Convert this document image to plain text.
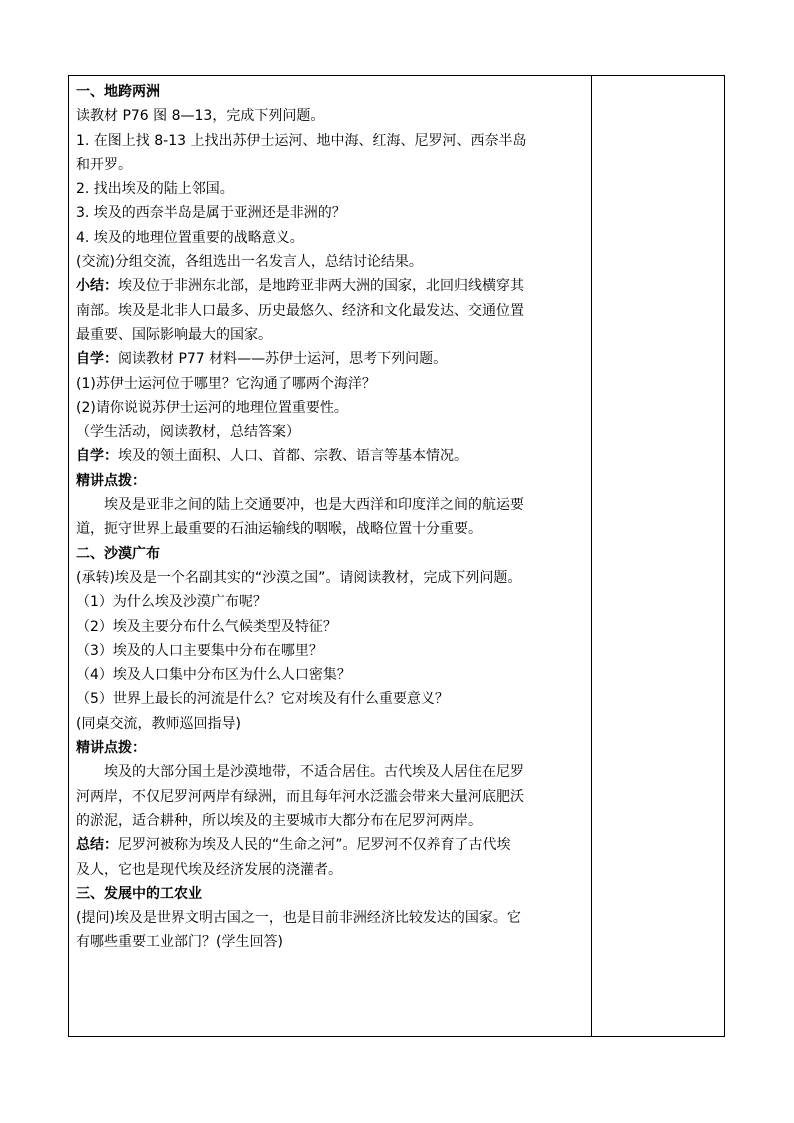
一、地跨两洲
读教材 P76 图 8—13，完成下列问题。
1. 在图上找 8-13 上找出苏伊士运河、地中海、红海、尼罗河、西奈半岛
和开罗。
2. 找出埃及的陆上邻国。
3. 埃及的西奈半岛是属于亚洲还是非洲的？
4. 埃及的地理位置重要的战略意义。
(交流)分组交流，各组选出一名发言人，总结讨论结果。
小结：埃及位于非洲东北部，是地跨亚非两大洲的国家，北回归线横穿其
南部。埃及是北非人口最多、历史最悠久、经济和文化最发达、交通位置
最重要、国际影响最大的国家。
自学：阅读教材 P77 材料——苏伊士运河，思考下列问题。
(1)苏伊士运河位于哪里？它沟通了哪两个海洋？
(2)请你说说苏伊士运河的地理位置重要性。
（学生活动，阅读教材，总结答案）
自学：埃及的领土面积、人口、首都、宗教、语言等基本情况。
精讲点拨：
埃及是亚非之间的陆上交通要冲，也是大西洋和印度洋之间的航运要
道，扼守世界上最重要的石油运输线的咽喉，战略位置十分重要。
二、沙漠广布
(承转)埃及是一个名副其实的“沙漠之国”。请阅读教材，完成下列问题。
（1）为什么埃及沙漠广布呢？
（2）埃及主要分布什么气候类型及特征？
（3）埃及的人口主要集中分布在哪里？
（4）埃及人口集中分布区为什么人口密集？
（5）世界上最长的河流是什么？它对埃及有什么重要意义？
(同桌交流，教师巡回指导)
精讲点拨：
埃及的大部分国土是沙漠地带，不适合居住。古代埃及人居住在尼罗
河两岸，不仅尼罗河两岸有绿洲，而且每年河水泛滥会带来大量河底肥沃
的淤泥，适合耕种，所以埃及的主要城市大都分布在尼罗河两岸。
总结：尼罗河被称为埃及人民的“生命之河”。尼罗河不仅养育了古代埃
及人，它也是现代埃及经济发展的浇灌者。
三、发展中的工农业
(提问)埃及是世界文明古国之一，也是目前非洲经济比较发达的国家。它
有哪些重要工业部门？(学生回答)
